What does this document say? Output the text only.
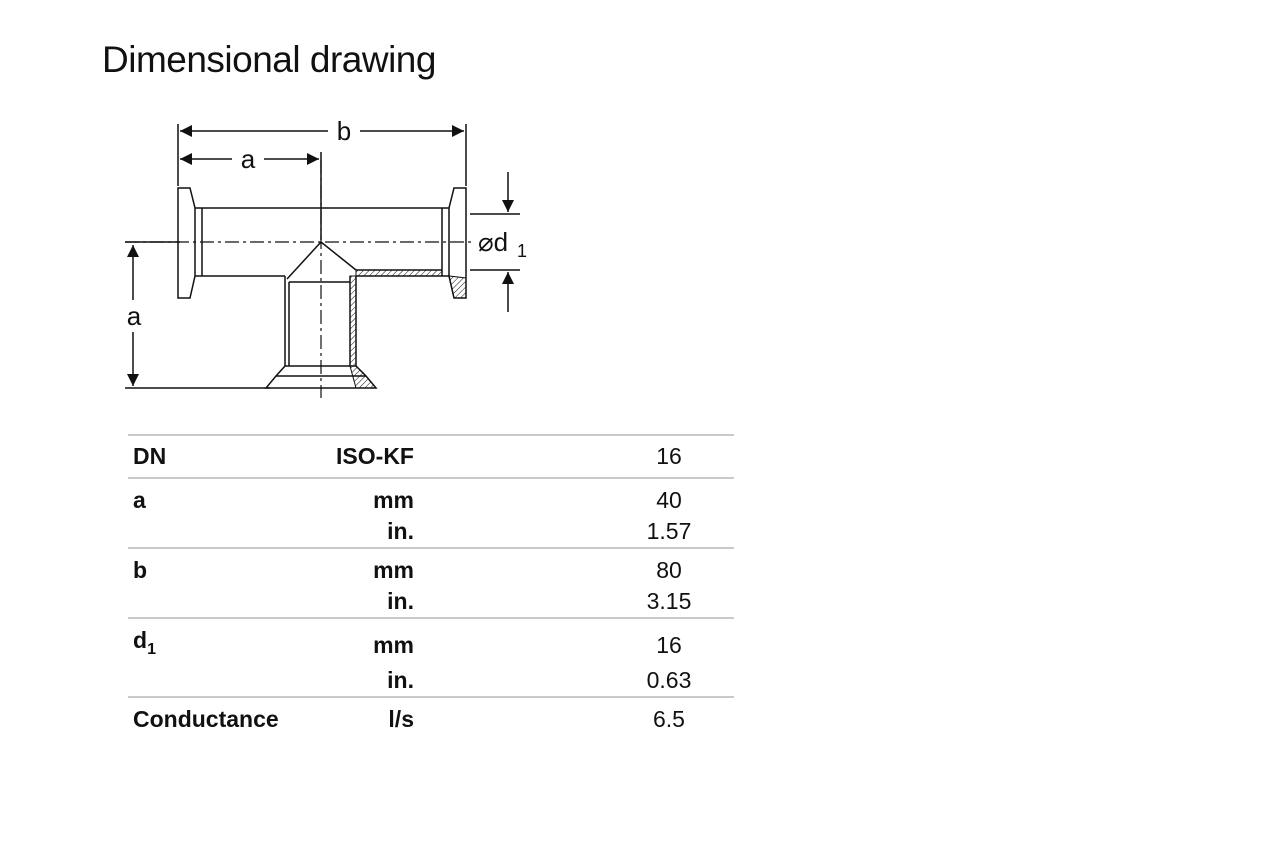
Dimensional drawing
b
a
a
⌀d 1
DN	ISO-KF	16
a	mm	40
	in.	1.57
b	mm	80
	in.	3.15
$d_1$	mm	16
	in.	0.63
Conductance	l/s	6.5
